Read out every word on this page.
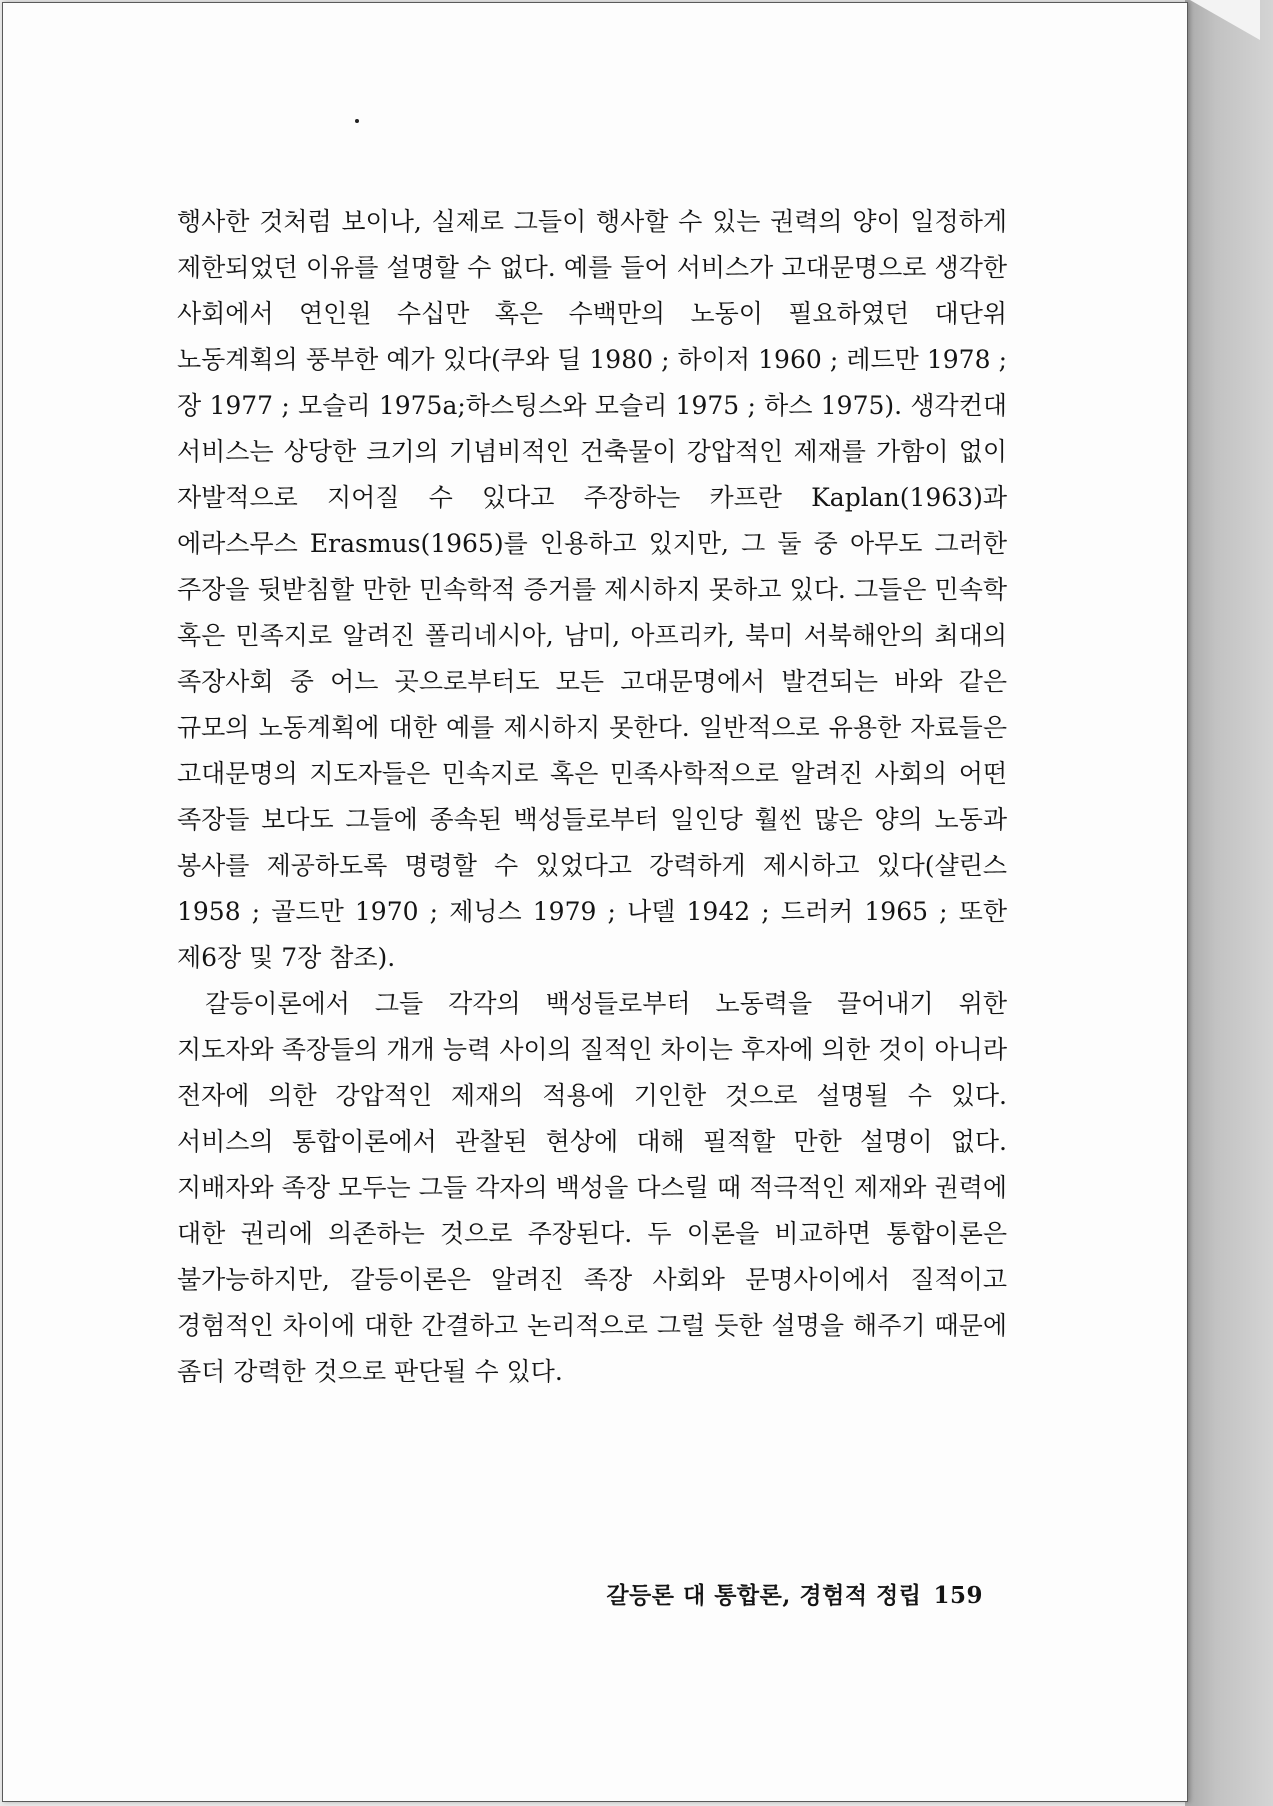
행사한 것처럼 보이나, 실제로 그들이 행사할 수 있는 권력의 양이 일정하게 제한되었던 이유를 설명할 수 없다. 예를 들어 서비스가 고대문명으로 생각한 사회에서 연인원 수십만 혹은 수백만의 노동이 필요하였던 대단위 노동계획의 풍부한 예가 있다(쿠와 딜 1980 ; 하이저 1960 ; 레드만 1978 ; 장 1977 ; 모슬리 1975a;하스팅스와 모슬리 1975 ; 하스 1975). 생각컨대 서비스는 상당한 크기의 기념비적인 건축물이 강압적인 제재를 가함이 없이 자발적으로 지어질 수 있다고 주장하는 카프란 Kaplan(1963)과 에라스무스 Erasmus(1965)를 인용하고 있지만, 그 둘 중 아무도 그러한 주장을 뒷받침할 만한 민속학적 증거를 제시하지 못하고 있다. 그들은 민속학 혹은 민족지로 알려진 폴리네시아, 남미, 아프리카, 북미 서북해안의 최대의 족장사회 중 어느 곳으로부터도 모든 고대문명에서 발견되는 바와 같은 규모의 노동계획에 대한 예를 제시하지 못한다. 일반적으로 유용한 자료들은 고대문명의 지도자들은 민속지로 혹은 민족사학적으로 알려진 사회의 어떤 족장들 보다도 그들에 종속된 백성들로부터 일인당 훨씬 많은 양의 노동과 봉사를 제공하도록 명령할 수 있었다고 강력하게 제시하고 있다(샬린스 1958 ; 골드만 1970 ; 제닝스 1979 ; 나델 1942 ; 드러커 1965 ; 또한 제6장 및 7장 참조).

갈등이론에서 그들 각각의 백성들로부터 노동력을 끌어내기 위한 지도자와 족장들의 개개 능력 사이의 질적인 차이는 후자에 의한 것이 아니라 전자에 의한 강압적인 제재의 적용에 기인한 것으로 설명될 수 있다. 서비스의 통합이론에서 관찰된 현상에 대해 필적할 만한 설명이 없다. 지배자와 족장 모두는 그들 각자의 백성을 다스릴 때 적극적인 제재와 권력에 대한 권리에 의존하는 것으로 주장된다. 두 이론을 비교하면 통합이론은 불가능하지만, 갈등이론은 알려진 족장 사회와 문명사이에서 질적이고 경험적인 차이에 대한 간결하고 논리적으로 그럴 듯한 설명을 해주기 때문에 좀더 강력한 것으로 판단될 수 있다.

갈등론 대 통합론, 경험적 정립 159
